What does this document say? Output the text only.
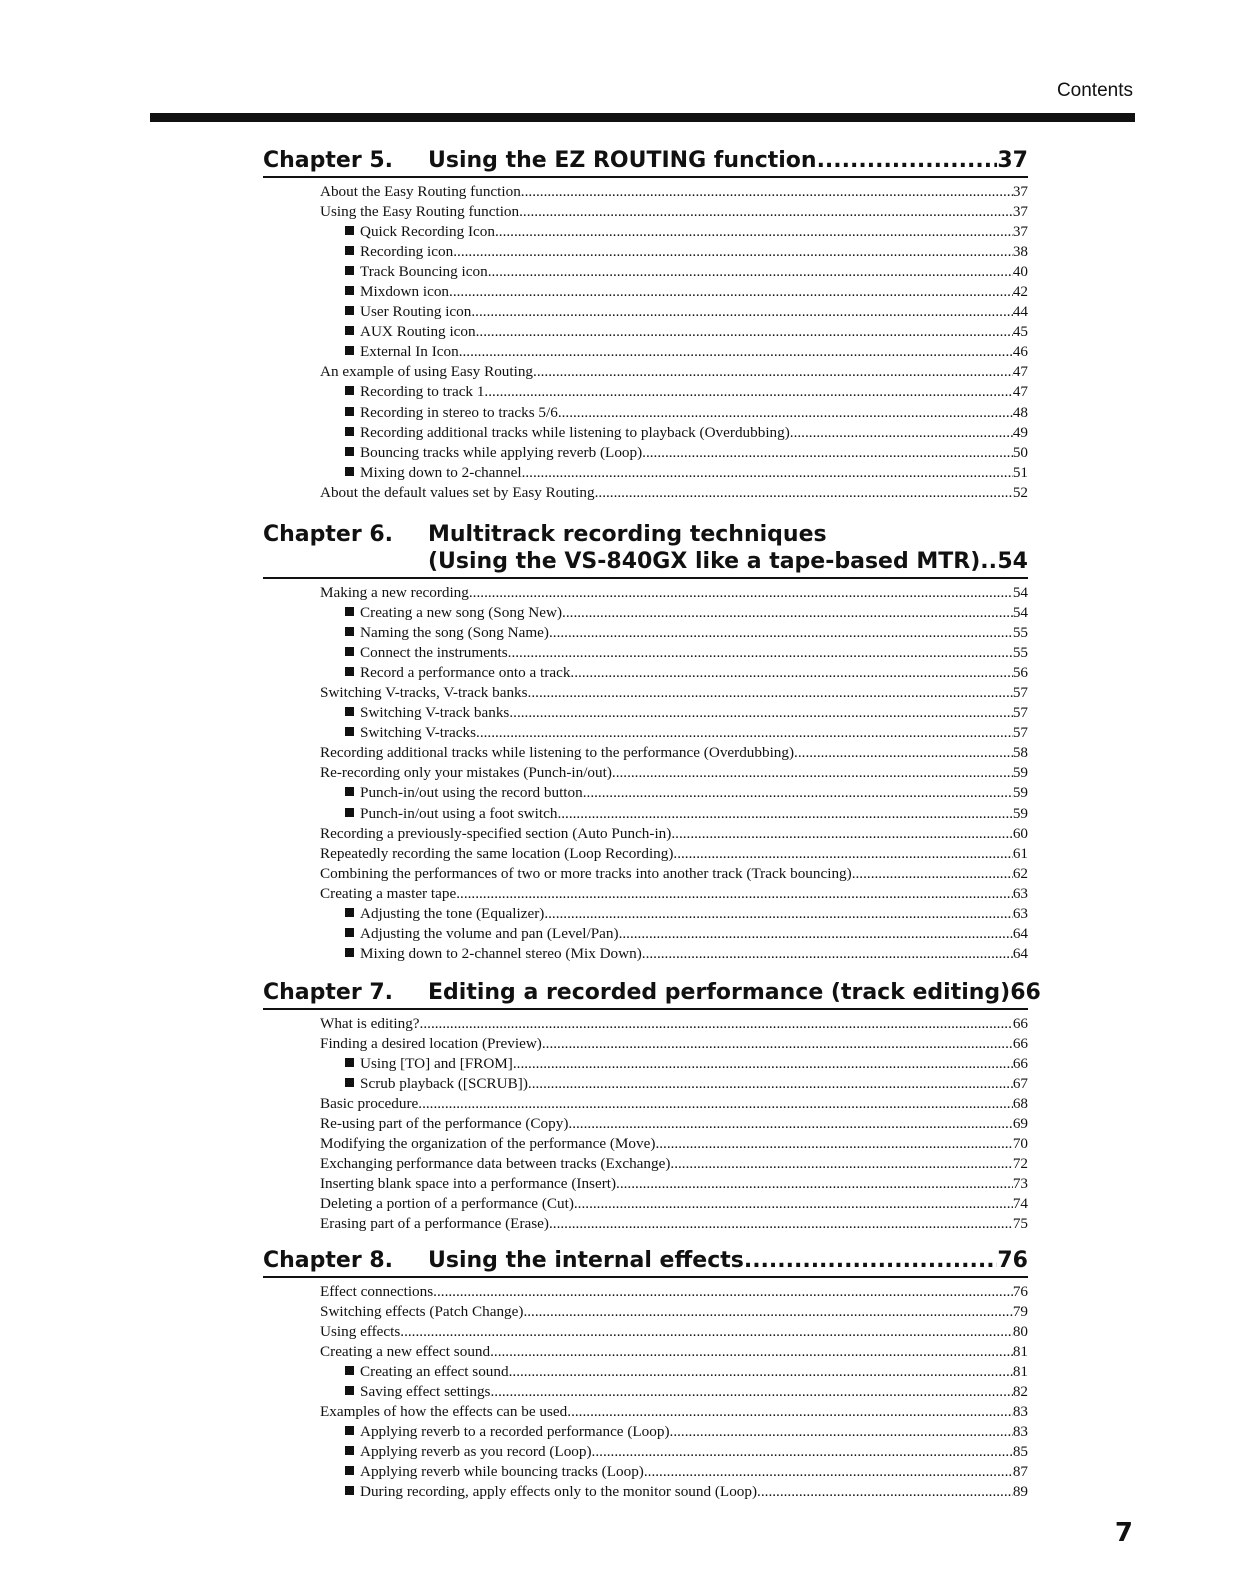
Contents
Chapter 5.	Using the EZ ROUTING function .....	37
About the Easy Routing function .....	37
Using the Easy Routing function .....	37
Quick Recording Icon .....	37
Recording icon .....	38
Track Bouncing icon .....	40
Mixdown icon .....	42
User Routing icon .....	44
AUX Routing icon .....	45
External In Icon .....	46
An example of using Easy Routing .....	47
Recording to track 1 .....	47
Recording in stereo to tracks 5/6 .....	48
Recording additional tracks while listening to playback (Overdubbing) .....	49
Bouncing tracks while applying reverb (Loop) .....	50
Mixing down to 2-channel .....	51
About the default values set by Easy Routing .....	52
Chapter 6.	Multitrack recording techniques
(Using the VS-840GX like a tape-based MTR) ..... 54
Making a new recording .....	54
Creating a new song (Song New) .....	54
Naming the song (Song Name) .....	55
Connect the instruments .....	55
Record a performance onto a track .....	56
Switching V-tracks, V-track banks .....	57
Switching V-track banks .....	57
Switching V-tracks .....	57
Recording additional tracks while listening to the performance (Overdubbing) .....	58
Re-recording only your mistakes (Punch-in/out) .....	59
Punch-in/out using the record button .....	59
Punch-in/out using a foot switch .....	59
Recording a previously-specified section (Auto Punch-in) .....	60
Repeatedly recording the same location (Loop Recording) .....	61
Combining the performances of two or more tracks into another track (Track bouncing) .....	62
Creating a master tape .....	63
Adjusting the tone (Equalizer) .....	63
Adjusting the volume and pan (Level/Pan) .....	64
Mixing down to 2-channel stereo (Mix Down) .....	64
Chapter 7.	Editing a recorded performance (track editing) 66
What is editing? .....	66
Finding a desired location (Preview) .....	66
Using [TO] and [FROM] .....	66
Scrub playback ([SCRUB]) .....	67
Basic procedure .....	68
Re-using part of the performance (Copy) .....	69
Modifying the organization of the performance (Move) .....	70
Exchanging performance data between tracks (Exchange) .....	72
Inserting blank space into a performance (Insert) .....	73
Deleting a portion of a performance (Cut) .....	74
Erasing part of a performance (Erase) .....	75
Chapter 8.	Using the internal effects .....	76
Effect connections .....	76
Switching effects (Patch Change) .....	79
Using effects .....	80
Creating a new effect sound .....	81
Creating an effect sound .....	81
Saving effect settings .....	82
Examples of how the effects can be used .....	83
Applying reverb to a recorded performance (Loop) .....	83
Applying reverb as you record (Loop) .....	85
Applying reverb while bouncing tracks (Loop) .....	87
During recording, apply effects only to the monitor sound (Loop) .....	89
7
